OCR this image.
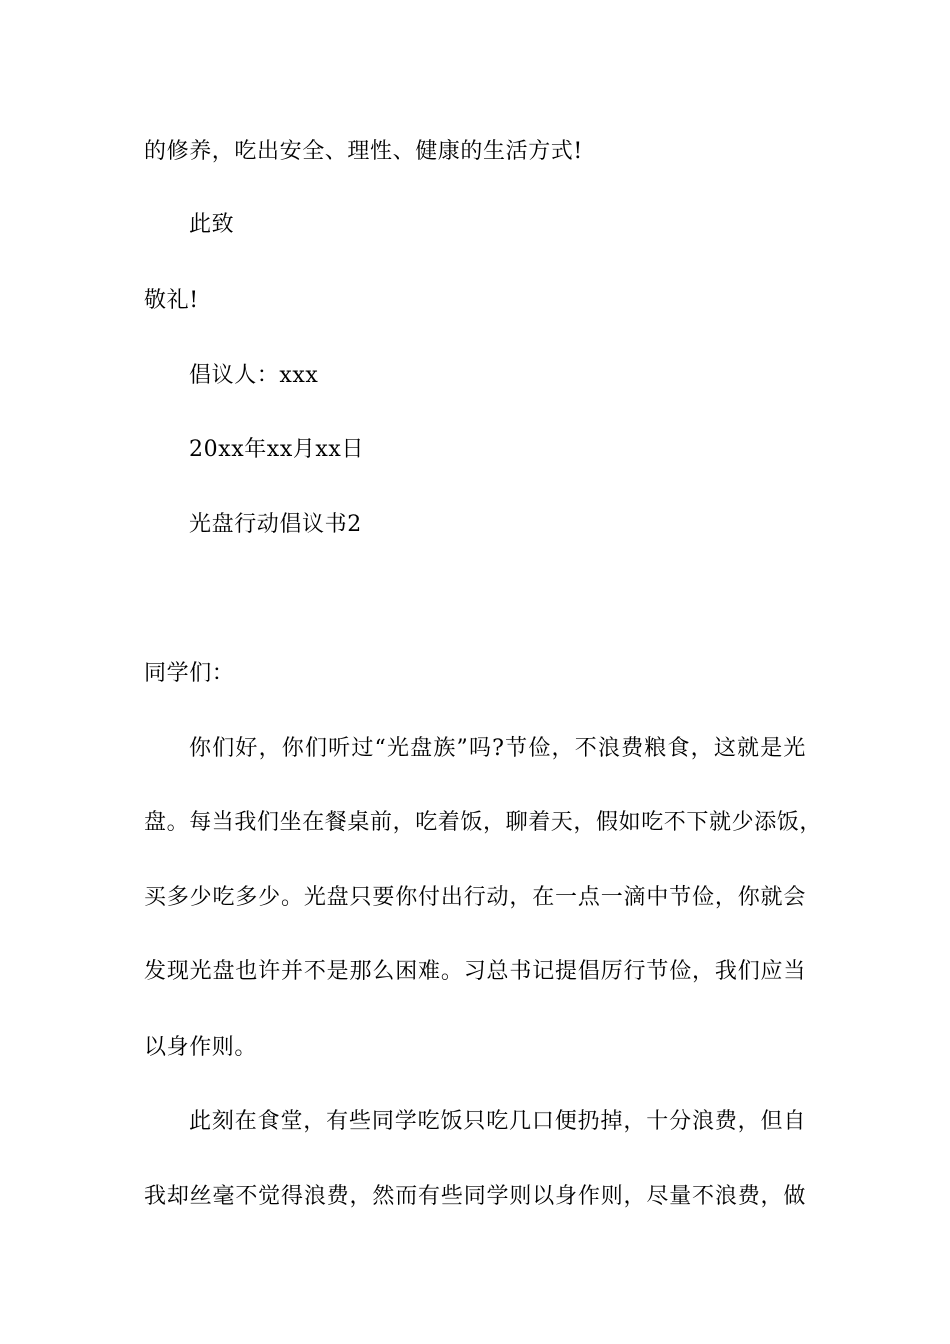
的修养，吃出安全、理性、健康的生活方式!
此致
敬礼!
倡议人：xxx
20xx年xx月xx日
光盘行动倡议书2
同学们：
你们好，你们听过“光盘族”吗?节俭，不浪费粮食，这就是光
盘。每当我们坐在餐桌前，吃着饭，聊着天，假如吃不下就少添饭，
买多少吃多少。光盘只要你付出行动，在一点一滴中节俭，你就会
发现光盘也许并不是那么困难。习总书记提倡厉行节俭，我们应当
以身作则。
此刻在食堂，有些同学吃饭只吃几口便扔掉，十分浪费，但自
我却丝毫不觉得浪费，然而有些同学则以身作则，尽量不浪费，做
